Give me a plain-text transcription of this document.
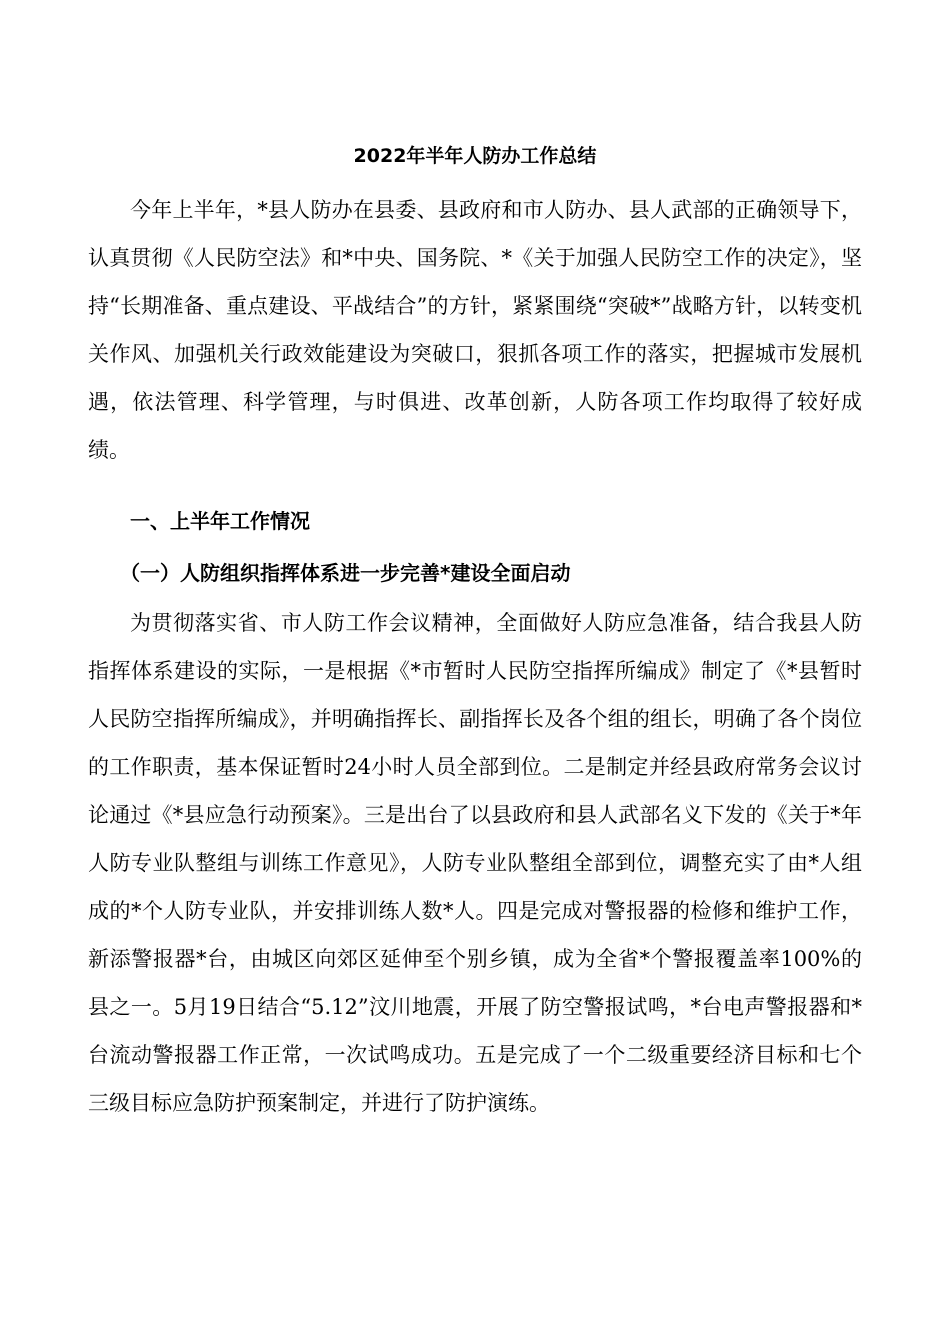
2022年半年人防办工作总结

今年上半年，*县人防办在县委、县政府和市人防办、县人武部的正确领导下，认真贯彻《人民防空法》和*中央、国务院、*《关于加强人民防空工作的决定》，坚持“长期准备、重点建设、平战结合”的方针，紧紧围绕“突破*”战略方针，以转变机关作风、加强机关行政效能建设为突破口，狠抓各项工作的落实，把握城市发展机遇，依法管理、科学管理，与时俱进、改革创新，人防各项工作均取得了较好成绩。

一、上半年工作情况
（一）人防组织指挥体系进一步完善*建设全面启动

为贯彻落实省、市人防工作会议精神，全面做好人防应急准备，结合我县人防指挥体系建设的实际，一是根据《*市暂时人民防空指挥所编成》制定了《*县暂时人民防空指挥所编成》，并明确指挥长、副指挥长及各个组的组长，明确了各个岗位的工作职责，基本保证暂时24小时人员全部到位。二是制定并经县政府常务会议讨论通过《*县应急行动预案》。三是出台了以县政府和县人武部名义下发的《关于*年人防专业队整组与训练工作意见》，人防专业队整组全部到位，调整充实了由*人组成的*个人防专业队，并安排训练人数*人。四是完成对警报器的检修和维护工作，新添警报器*台，由城区向郊区延伸至个别乡镇，成为全省*个警报覆盖率100%的县之一。5月19日结合“5.12”汶川地震，开展了防空警报试鸣，*台电声警报器和*台流动警报器工作正常，一次试鸣成功。五是完成了一个二级重要经济目标和七个三级目标应急防护预案制定，并进行了防护演练。
